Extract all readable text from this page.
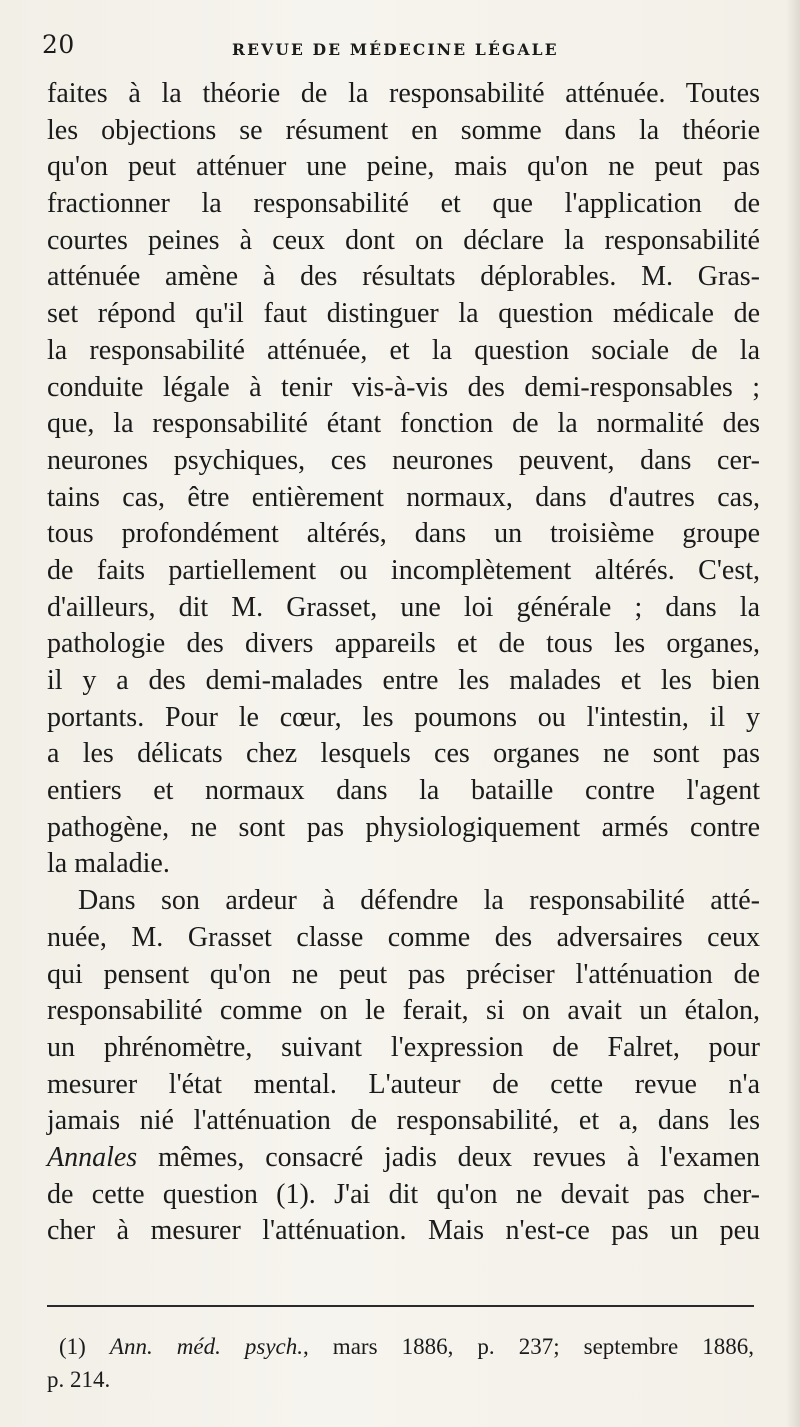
20	REVUE DE MÉDECINE LÉGALE
faites à la théorie de la responsabilité atténuée. Toutes
les objections se résument en somme dans la théorie
qu'on peut atténuer une peine, mais qu'on ne peut pas
fractionner la responsabilité et que l'application de
courtes peines à ceux dont on déclare la responsabilité
atténuée amène à des résultats déplorables. M. Gras-
set répond qu'il faut distinguer la question médicale de
la responsabilité atténuée, et la question sociale de la
conduite légale à tenir vis-à-vis des demi-responsables ;
que, la responsabilité étant fonction de la normalité des
neurones psychiques, ces neurones peuvent, dans cer-
tains cas, être entièrement normaux, dans d'autres cas,
tous profondément altérés, dans un troisième groupe
de faits partiellement ou incomplètement altérés. C'est,
d'ailleurs, dit M. Grasset, une loi générale ; dans la
pathologie des divers appareils et de tous les organes,
il y a des demi-malades entre les malades et les bien
portants. Pour le cœur, les poumons ou l'intestin, il y
a les délicats chez lesquels ces organes ne sont pas
entiers et normaux dans la bataille contre l'agent
pathogène, ne sont pas physiologiquement armés contre
la maladie.
Dans son ardeur à défendre la responsabilité atté-
nuée, M. Grasset classe comme des adversaires ceux
qui pensent qu'on ne peut pas préciser l'atténuation de
responsabilité comme on le ferait, si on avait un étalon,
un phrénomètre, suivant l'expression de Falret, pour
mesurer l'état mental. L'auteur de cette revue n'a
jamais nié l'atténuation de responsabilité, et a, dans les
Annales mêmes, consacré jadis deux revues à l'examen
de cette question (1). J'ai dit qu'on ne devait pas cher-
cher à mesurer l'atténuation. Mais n'est-ce pas un peu
(1) Ann. méd. psych., mars 1886, p. 237; septembre 1886,
p. 214.
